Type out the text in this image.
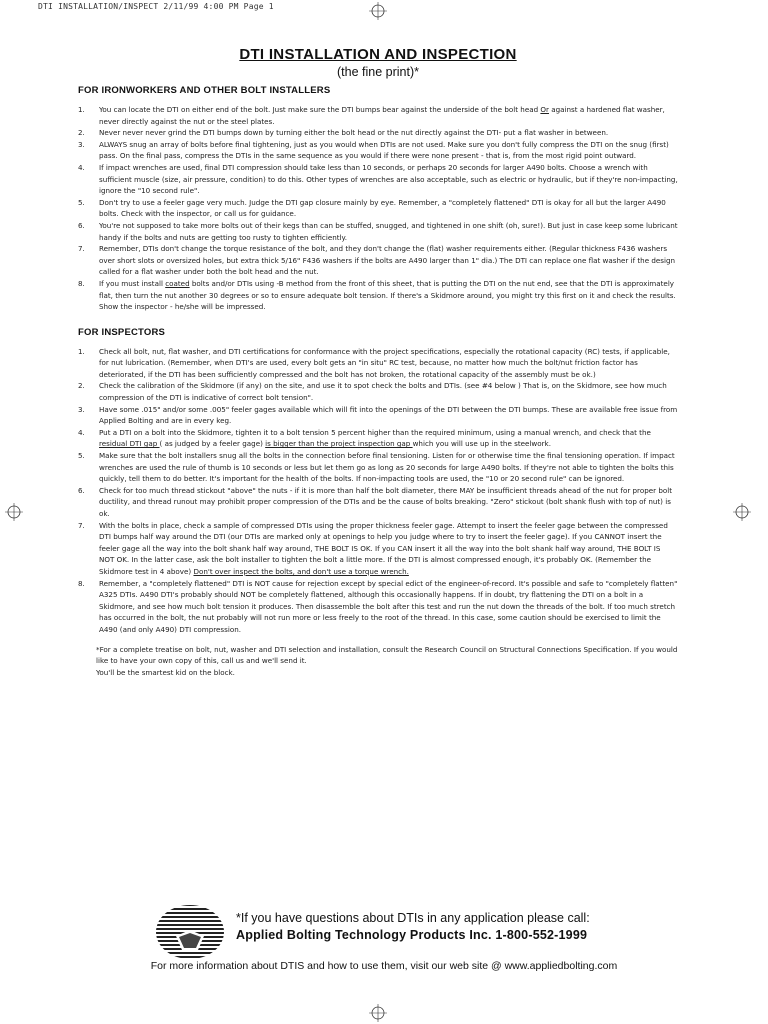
DTI INSTALLATION/INSPECT 2/11/99 4:00 PM Page 1
DTI INSTALLATION AND INSPECTION

(the fine print)*

FOR IRONWORKERS AND OTHER BOLT INSTALLERS
1. You can locate the DTI on either end of the bolt. Just make sure the DTI bumps bear against the underside of the bolt head Or against a hardened flat washer, never directly against the nut or the steel plates.
2. Never never never grind the DTI bumps down by turning either the bolt head or the nut directly against the DTI- put a flat washer in between.
3. ALWAYS snug an array of bolts before final tightening, just as you would when DTIs are not used. Make sure you don't fully compress the DTI on the snug (first) pass. On the final pass, compress the DTIs in the same sequence as you would if there were none present - that is, from the most rigid point outward.
4. If impact wrenches are used, final DTI compression should take less than 10 seconds, or perhaps 20 seconds for larger A490 bolts. Choose a wrench with sufficient muscle (size, air pressure, condition) to do this. Other types of wrenches are also acceptable, such as electric or hydraulic, but if they're non-impacting, ignore the "10 second rule".
5. Don't try to use a feeler gage very much. Judge the DTI gap closure mainly by eye. Remember, a "completely flattened" DTI is okay for all but the larger A490 bolts. Check with the inspector, or call us for guidance.
6. You're not supposed to take more bolts out of their kegs than can be stuffed, snugged, and tightened in one shift (oh, sure!). But just in case keep some lubricant handy if the bolts and nuts are getting too rusty to tighten efficiently.
7. Remember, DTIs don't change the torque resistance of the bolt, and they don't change the (flat) washer requirements either. (Regular thickness F436 washers over short slots or oversized holes, but extra thick 5/16" F436 washers if the bolts are A490 larger than 1" dia.) The DTI can replace one flat washer if the design called for a flat washer under both the bolt head and the nut.
8. If you must install coated bolts and/or DTIs using -B method from the front of this sheet, that is putting the DTI on the nut end, see that the DTI is approximately flat, then turn the nut another 30 degrees or so to ensure adequate bolt tension. If there's a Skidmore around, you might try this first on it and check the results. Show the inspector - he/she will be impressed.
FOR INSPECTORS
1. Check all bolt, nut, flat washer, and DTI certifications for conformance with the project specifications, especially the rotational capacity (RC) tests, if applicable, for nut lubrication. (Remember, when DTI's are used, every bolt gets an "in situ" RC test, because, no matter how much the bolt/nut friction factor has deteriorated, if the DTI has been sufficiently compressed and the bolt has not broken, the rotational capacity of the assembly must be ok.)
2. Check the calibration of the Skidmore (if any) on the site, and use it to spot check the bolts and DTIs. (see #4 below ) That is, on the Skidmore, see how much compression of the DTI is indicative of correct bolt tension".
3. Have some .015" and/or some .005" feeler gages available which will fit into the openings of the DTI between the DTI bumps. These are available free issue from Applied Bolting and are in every keg.
4. Put a DTI on a bolt into the Skidmore, tighten it to a bolt tension 5 percent higher than the required minimum, using a manual wrench, and check that the residual DTI gap ( as judged by a feeler gage) is bigger than the project inspection gap which you will use up in the steelwork.
5. Make sure that the bolt installers snug all the bolts in the connection before final tensioning. Listen for or otherwise time the final tensioning operation. If impact wrenches are used the rule of thumb is 10 seconds or less but let them go as long as 20 seconds for large A490 bolts. If they're not able to tighten the bolts this quickly, tell them to do better. It's important for the health of the bolts. If non-impacting tools are used, the "10 or 20 second rule" can be ignored.
6. Check for too much thread stickout "above" the nuts - if it is more than half the bolt diameter, there MAY be insufficient threads ahead of the nut for proper bolt ductility, and thread runout may prohibit proper compression of the DTIs and be the cause of bolts breaking. "Zero" stickout (bolt shank flush with top of nut) is ok.
7. With the bolts in place, check a sample of compressed DTIs using the proper thickness feeler gage. Attempt to insert the feeler gage between the compressed DTI bumps half way around the DTI (our DTIs are marked only at openings to help you judge where to try to insert the feeler gage). If you CANNOT insert the feeler gage all the way into the bolt shank half way around, THE BOLT IS OK. If you CAN insert it all the way into the bolt shank half way around, THE BOLT IS NOT OK. In the latter case, ask the bolt installer to tighten the bolt a little more. If the DTI is almost compressed enough, it's probably OK. (Remember the Skidmore test in 4 above) Don't over inspect the bolts, and don't use a torque wrench.
8. Remember, a "completely flattened" DTI is NOT cause for rejection except by special edict of the engineer-of-record. It's possible and safe to "completely flatten" A325 DTIs. A490 DTI's probably should NOT be completely flattened, although this occasionally happens. If in doubt, try flattening the DTI on a bolt in a Skidmore, and see how much bolt tension it produces. Then disassemble the bolt after this test and run the nut down the threads of the bolt. If too much stretch has occurred in the bolt, the nut probably will not run more or less freely to the root of the thread. In this case, some caution should be exercised to limit the A490 (and only A490) DTI compression.

*For a complete treatise on bolt, nut, washer and DTI selection and installation, consult the Research Council on Structural Connections Specification. If you would like to have your own copy of this, call us and we'll send it.

You'll be the smartest kid on the block.

*If you have questions about DTIs in any application please call:

Applied Bolting Technology Products Inc. 1-800-552-1999

For more information about DTIS and how to use them, visit our web site @ www.appliedbolting.com
